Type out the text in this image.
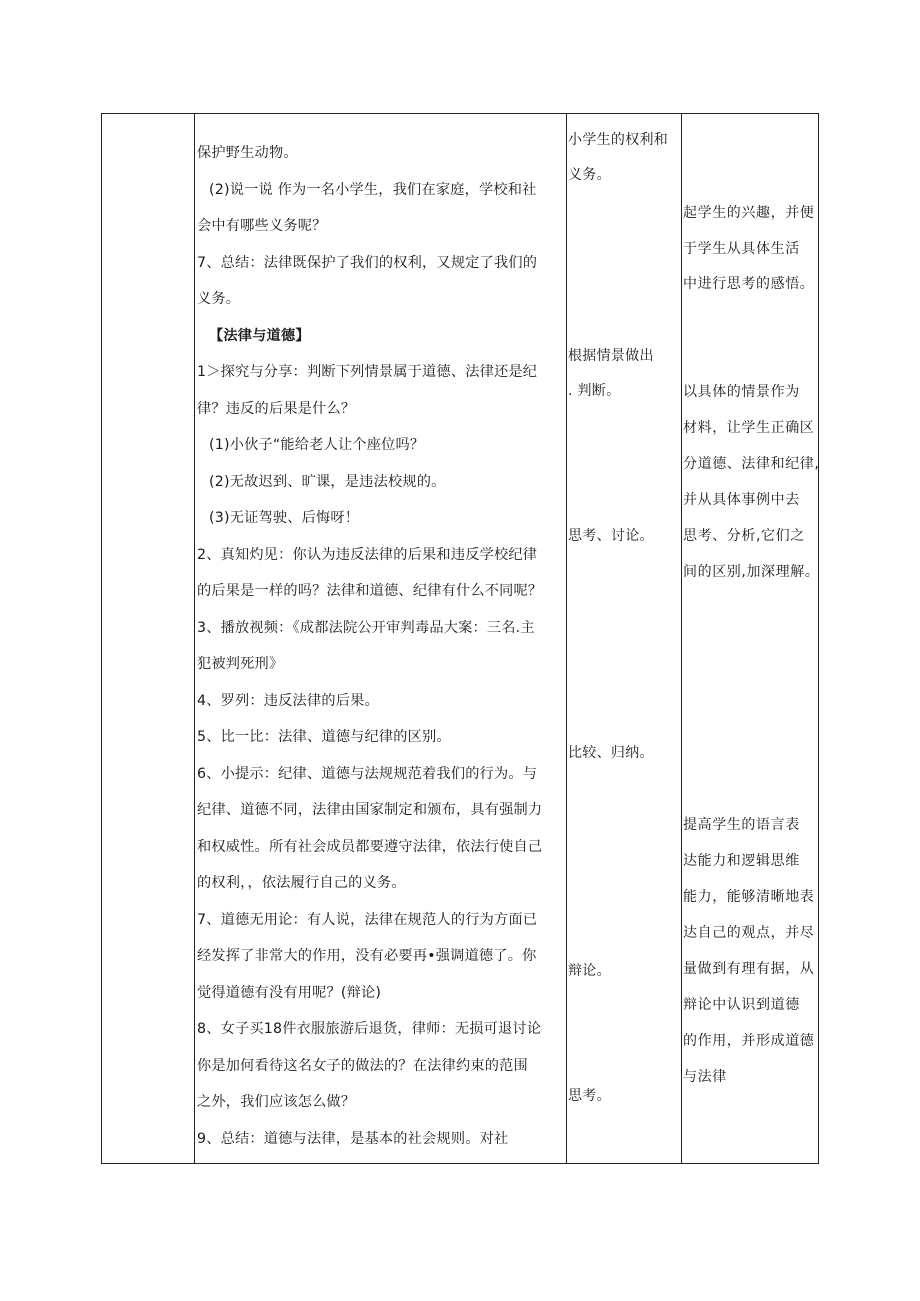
保护野生动物。
(2)说一说 作为一名小学生，我们在家庭，学校和社
会中有哪些义务呢？
7、总结：法律既保护了我们的权利，又规定了我们的
义务。
【法律与道德】
1＞探究与分享：判断下列情景属于道德、法律还是纪
律？违反的后果是什么？
(1)小伙子“能给老人让个座位吗？
(2)无故迟到、旷课，是违法校规的。
(3)无证驾驶、后悔呀！
2、真知灼见：你认为违反法律的后果和违反学校纪律
的后果是一样的吗？法律和道德、纪律有什么不同呢？
3、播放视频：《成都法院公开审判毒品大案：三名.主
犯被判死刑》
4、罗列：违反法律的后果。
5、比一比：法律、道德与纪律的区别。
6、小提示：纪律、道德与法规规范着我们的行为。与
纪律、道德不同，法律由国家制定和颁布，具有强制力
和权威性。所有社会成员都要遵守法律，依法行使自己
的权利，，依法履行自己的义务。
7、道德无用论：有人说，法律在规范人的行为方面已
经发挥了非常大的作用，没有必要再•强调道德了。你
觉得道德有没有用呢？(辩论)
8、女子买18件衣服旅游后退货，律师：无损可退讨论
你是加何看待这名女子的做法的？在法律约束的范围
之外，我们应该怎么做？
9、总结：道德与法律，是基本的社会规则。对社
小学生的权利和
义务。
根据情景做出
. 判断。
思考、讨论。
比较、归纳。
辩论。
思考。
起学生的兴趣，并便
于学生从具体生活
中进行思考的感悟。
以具体的情景作为
材料，让学生正确区
分道德、法律和纪律,
并从具体事例中去
思考、分析,它们之
间的区别,加深理解。
提高学生的语言表
达能力和逻辑思维
能力，能够清晰地表
达自己的观点，并尽
量做到有理有据，从
辩论中认识到道德
的作用，并形成道德
与法律
